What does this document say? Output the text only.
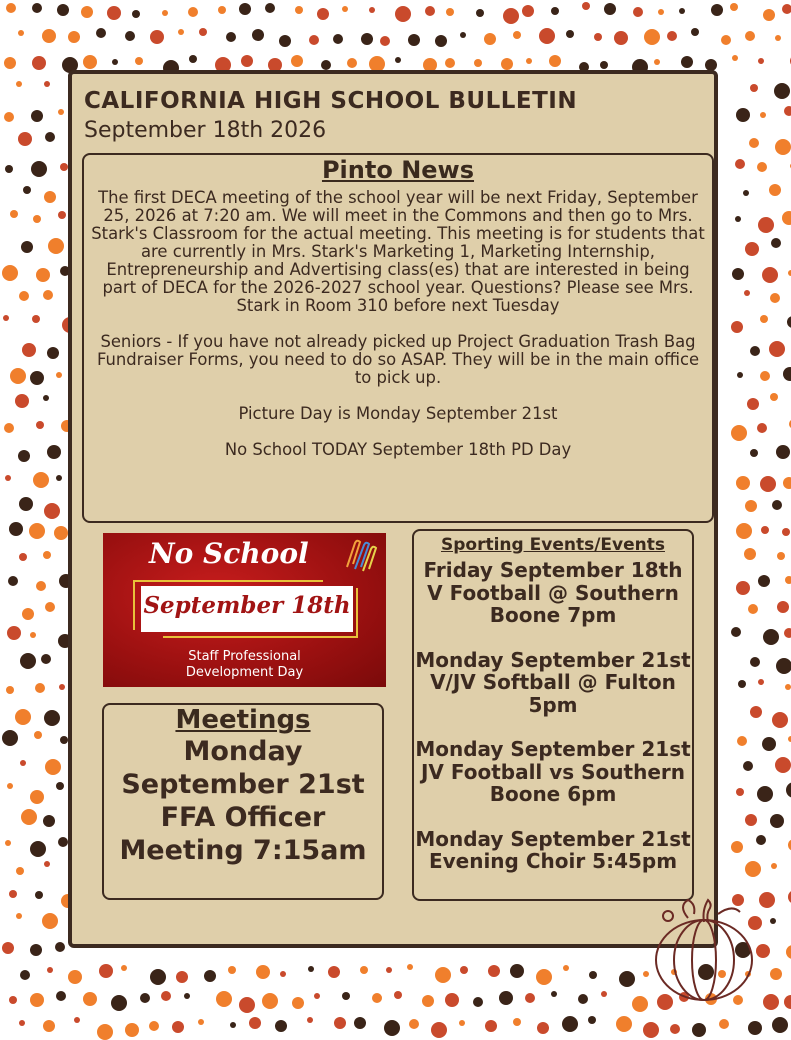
CALIFORNIA HIGH SCHOOL BULLETIN
September 18th 2026
Pinto News

The first DECA meeting of the school year will be next Friday, September 25, 2026 at 7:20 am. We will meet in the Commons and then go to Mrs. Stark's Classroom for the actual meeting. This meeting is for students that are currently in Mrs. Stark's Marketing 1, Marketing Internship, Entrepreneurship and Advertising class(es) that are interested in being part of DECA for the 2026-2027 school year. Questions? Please see Mrs. Stark in Room 310 before next Tuesday

Seniors - If you have not already picked up Project Graduation Trash Bag Fundraiser Forms, you need to do so ASAP. They will be in the main office to pick up.

Picture Day is Monday September 21st

No School TODAY September 18th PD Day

No School
September 18th
Staff Professional
Development Day
Meetings
Monday
September 21st
FFA Officer
Meeting 7:15am
Sporting Events/Events
Friday September 18th V Football @ Southern Boone 7pm
Monday September 21st V/JV Softball @ Fulton 5pm
Monday September 21st JV Football vs Southern Boone 6pm
Monday September 21st Evening Choir 5:45pm
